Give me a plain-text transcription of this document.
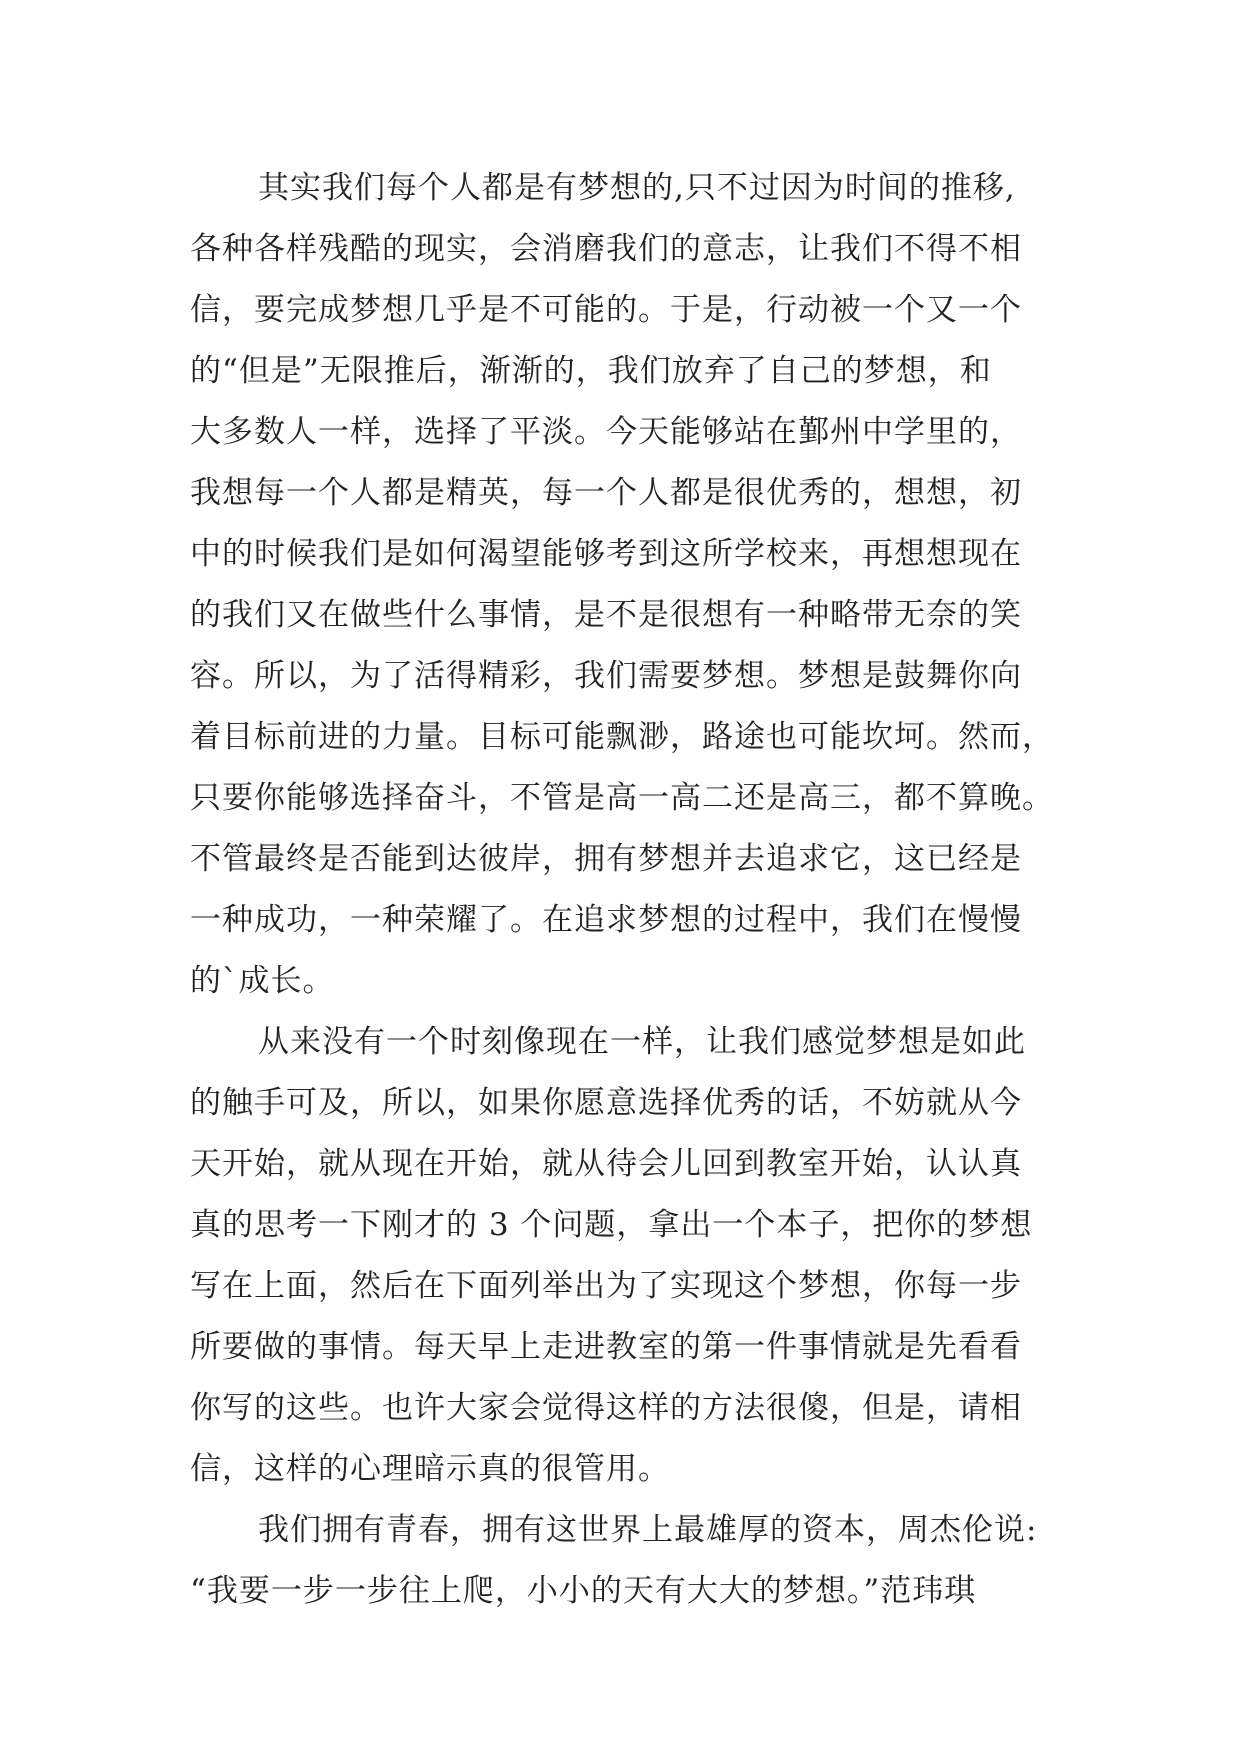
其实我们每个人都是有梦想的,只不过因为时间的推移,
各种各样残酷的现实，会消磨我们的意志，让我们不得不相
信，要完成梦想几乎是不可能的。于是，行动被一个又一个
的“但是”无限推后，渐渐的，我们放弃了自己的梦想，和
大多数人一样，选择了平淡。今天能够站在鄞州中学里的，
我想每一个人都是精英，每一个人都是很优秀的，想想，初
中的时候我们是如何渴望能够考到这所学校来，再想想现在
的我们又在做些什么事情，是不是很想有一种略带无奈的笑
容。所以，为了活得精彩，我们需要梦想。梦想是鼓舞你向
着目标前进的力量。目标可能飘渺，路途也可能坎坷。然而，
只要你能够选择奋斗，不管是高一高二还是高三，都不算晚。
不管最终是否能到达彼岸，拥有梦想并去追求它，这已经是
一种成功，一种荣耀了。在追求梦想的过程中，我们在慢慢
的`成长。
从来没有一个时刻像现在一样，让我们感觉梦想是如此
的触手可及，所以，如果你愿意选择优秀的话，不妨就从今
天开始，就从现在开始，就从待会儿回到教室开始，认认真
真的思考一下刚才的 3 个问题，拿出一个本子，把你的梦想
写在上面，然后在下面列举出为了实现这个梦想，你每一步
所要做的事情。每天早上走进教室的第一件事情就是先看看
你写的这些。也许大家会觉得这样的方法很傻，但是，请相
信，这样的心理暗示真的很管用。
我们拥有青春，拥有这世界上最雄厚的资本，周杰伦说:
“我要一步一步往上爬，小小的天有大大的梦想。”范玮琪
